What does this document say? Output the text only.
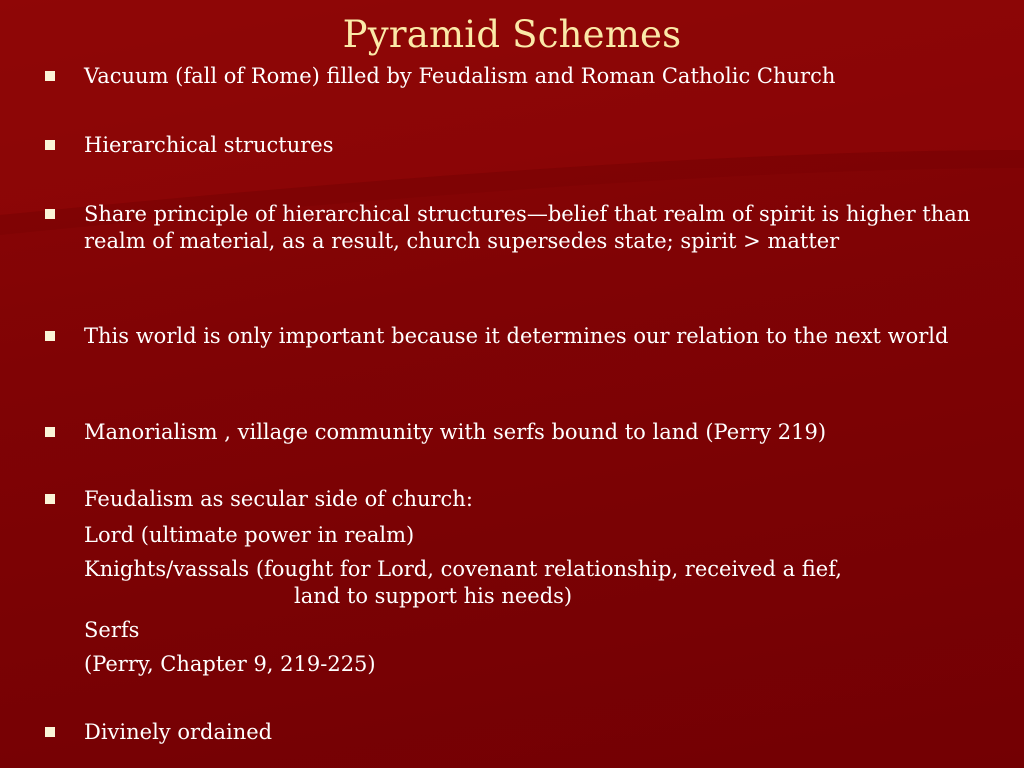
Pyramid Schemes
Vacuum (fall of Rome) filled by Feudalism and Roman Catholic Church
Hierarchical structures
Share principle of hierarchical structures—belief that realm of spirit is higher than realm of material, as a result, church supersedes state; spirit > matter
This world is only important because it determines our relation to the next world
Manorialism , village community with serfs bound to land (Perry 219)
Feudalism as secular side of church:
Lord (ultimate power in realm)
Knights/vassals (fought for Lord, covenant relationship, received a fief,
land to support his needs)
Serfs
(Perry, Chapter 9, 219-225)
Divinely ordained
